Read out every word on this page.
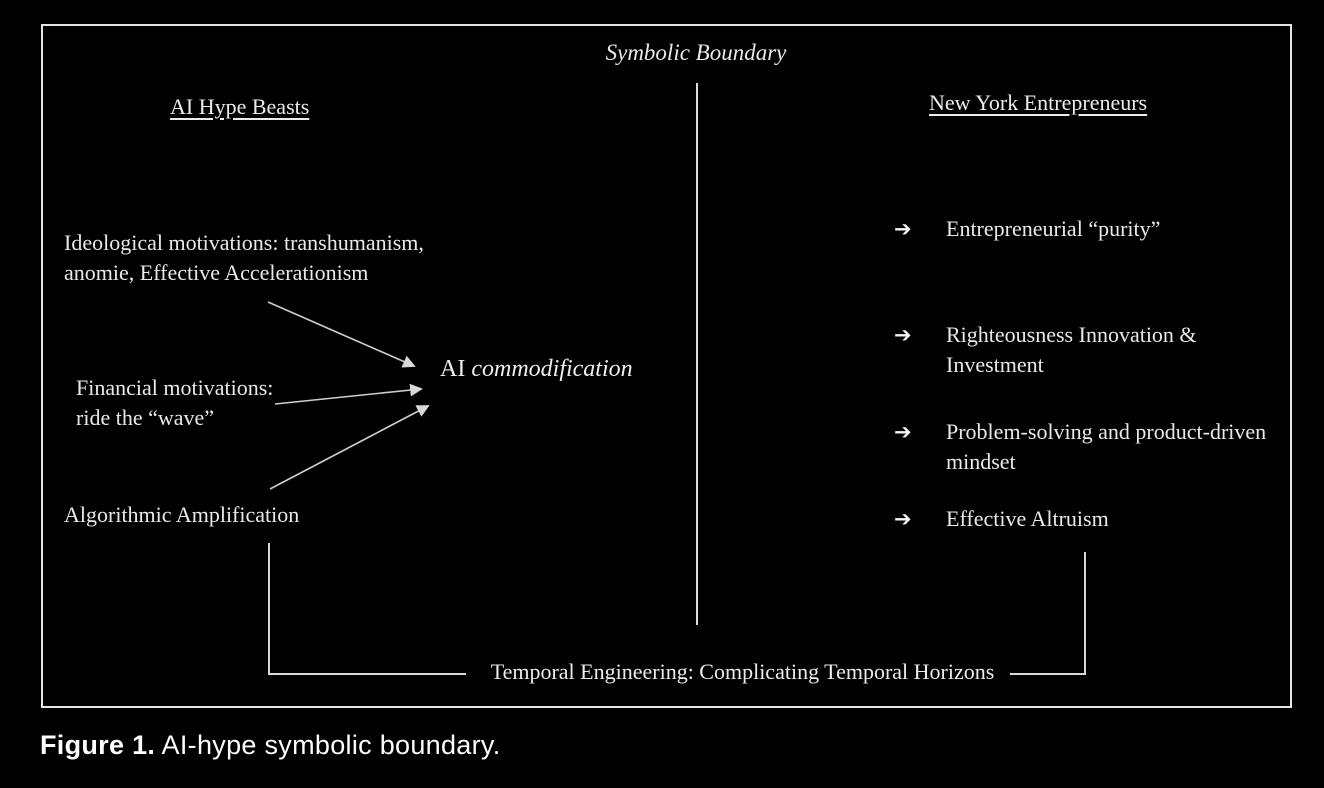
Symbolic Boundary
AI Hype Beasts	New York Entrepreneurs
Ideological motivations: transhumanism,
anomie, Effective Accelerationism
Financial motivations:
ride the “wave”
Algorithmic Amplification
AI commodification
➔	Entrepreneurial “purity”
➔	Righteousness Innovation &
Investment
➔	Problem-solving and product-driven
mindset
➔	Effective Altruism
Temporal Engineering: Complicating Temporal Horizons
Figure 1. AI-hype symbolic boundary.
